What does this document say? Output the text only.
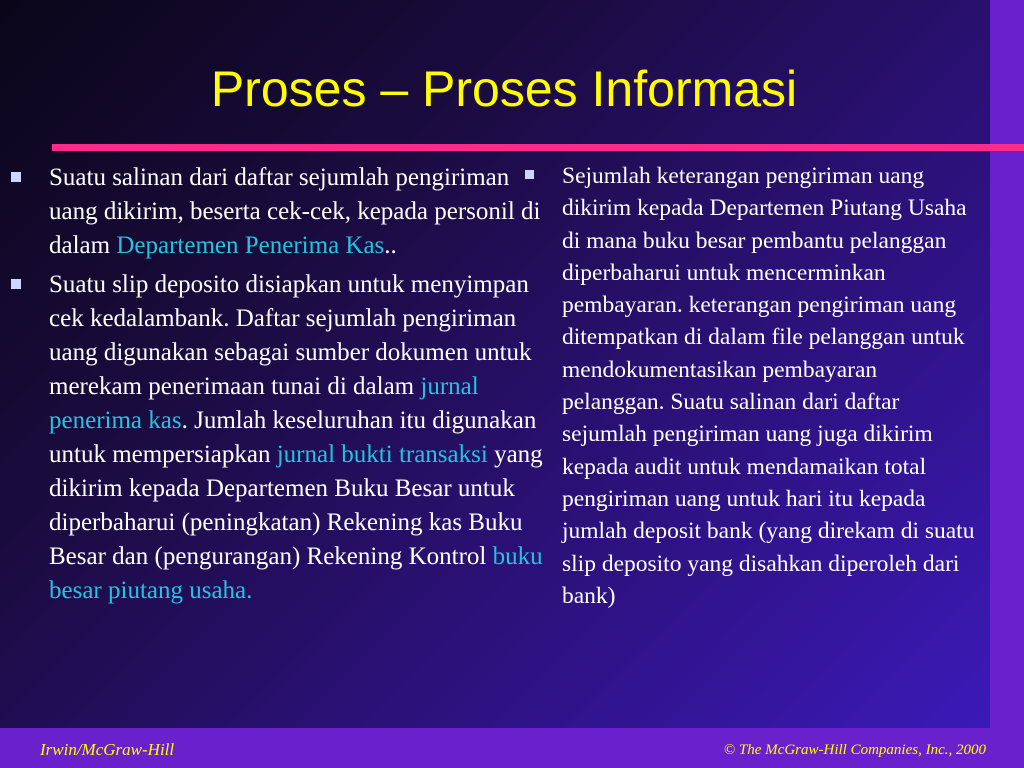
Proses – Proses Informasi
Suatu salinan dari daftar sejumlah pengiriman uang dikirim, beserta cek-cek, kepada personil di dalam Departemen Penerima Kas..
Suatu slip deposito disiapkan untuk menyimpan cek kedalambank. Daftar sejumlah pengiriman uang digunakan sebagai sumber dokumen untuk merekam penerimaan tunai di dalam jurnal penerima kas. Jumlah keseluruhan itu digunakan untuk mempersiapkan jurnal bukti transaksi yang dikirim kepada Departemen Buku Besar untuk diperbaharui (peningkatan) Rekening kas Buku Besar dan (pengurangan) Rekening Kontrol buku besar piutang usaha.
Sejumlah keterangan pengiriman uang dikirim kepada Departemen Piutang Usaha di mana buku besar pembantu pelanggan diperbaharui untuk mencerminkan pembayaran. keterangan pengiriman uang ditempatkan di dalam file pelanggan untuk mendokumentasikan pembayaran pelanggan. Suatu salinan dari daftar sejumlah pengiriman uang juga dikirim kepada audit untuk mendamaikan total pengiriman uang untuk hari itu kepada jumlah deposit bank (yang direkam di suatu slip deposito yang disahkan diperoleh dari bank)
Irwin/McGraw-Hill	© The McGraw-Hill Companies, Inc., 2000
